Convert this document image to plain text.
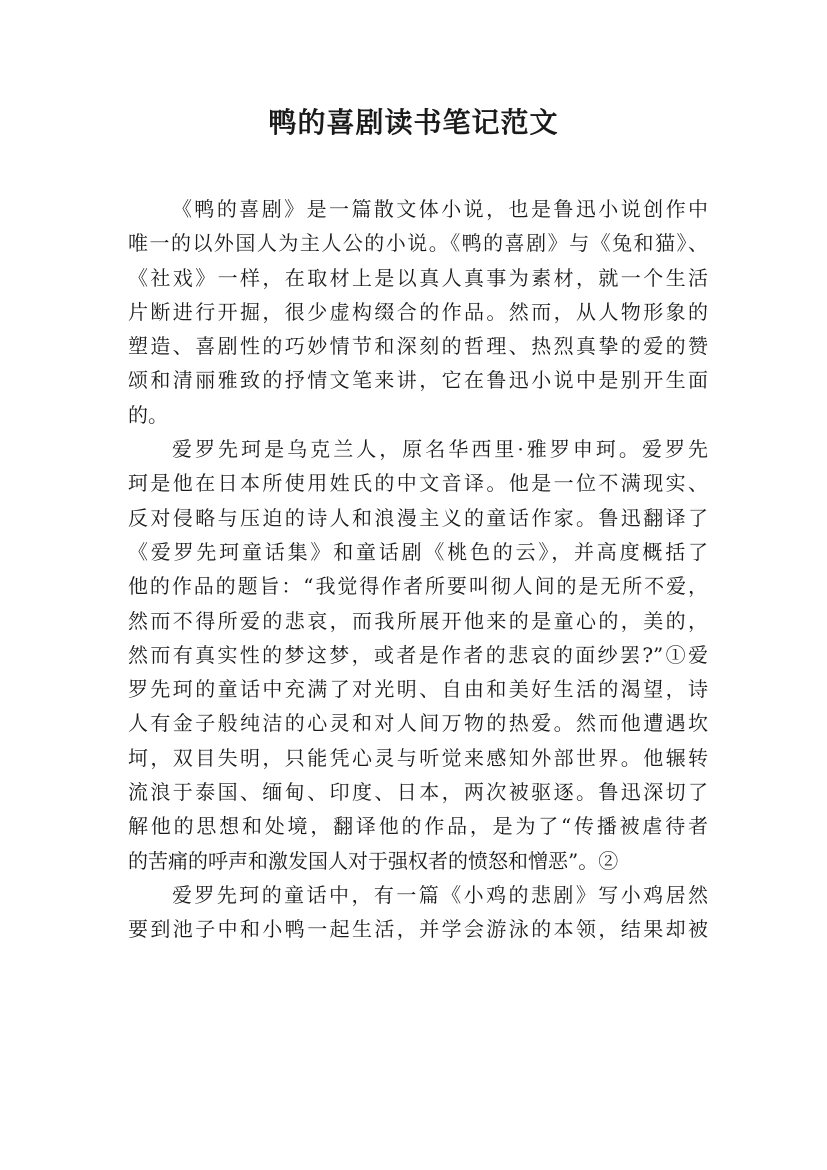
鸭的喜剧读书笔记范文
《鸭的喜剧》是一篇散文体小说，也是鲁迅小说创作中
唯一的以外国人为主人公的小说。《鸭的喜剧》与《兔和猫》、
《社戏》一样，在取材上是以真人真事为素材，就一个生活
片断进行开掘，很少虚构缀合的作品。然而，从人物形象的
塑造、喜剧性的巧妙情节和深刻的哲理、热烈真挚的爱的赞
颂和清丽雅致的抒情文笔来讲，它在鲁迅小说中是别开生面
的。
爱罗先珂是乌克兰人，原名华西里·雅罗申珂。爱罗先
珂是他在日本所使用姓氏的中文音译。他是一位不满现实、
反对侵略与压迫的诗人和浪漫主义的童话作家。鲁迅翻译了
《爱罗先珂童话集》和童话剧《桃色的云》，并高度概括了
他的作品的题旨：“我觉得作者所要叫彻人间的是无所不爱，
然而不得所爱的悲哀，而我所展开他来的是童心的，美的，
然而有真实性的梦这梦，或者是作者的悲哀的面纱罢?”①爱
罗先珂的童话中充满了对光明、自由和美好生活的渴望，诗
人有金子般纯洁的心灵和对人间万物的热爱。然而他遭遇坎
坷，双目失明，只能凭心灵与听觉来感知外部世界。他辗转
流浪于泰国、缅甸、印度、日本，两次被驱逐。鲁迅深切了
解他的思想和处境，翻译他的作品，是为了“传播被虐待者
的苦痛的呼声和激发国人对于强权者的愤怒和憎恶”。②
爱罗先珂的童话中，有一篇《小鸡的悲剧》写小鸡居然
要到池子中和小鸭一起生活，并学会游泳的本领，结果却被
